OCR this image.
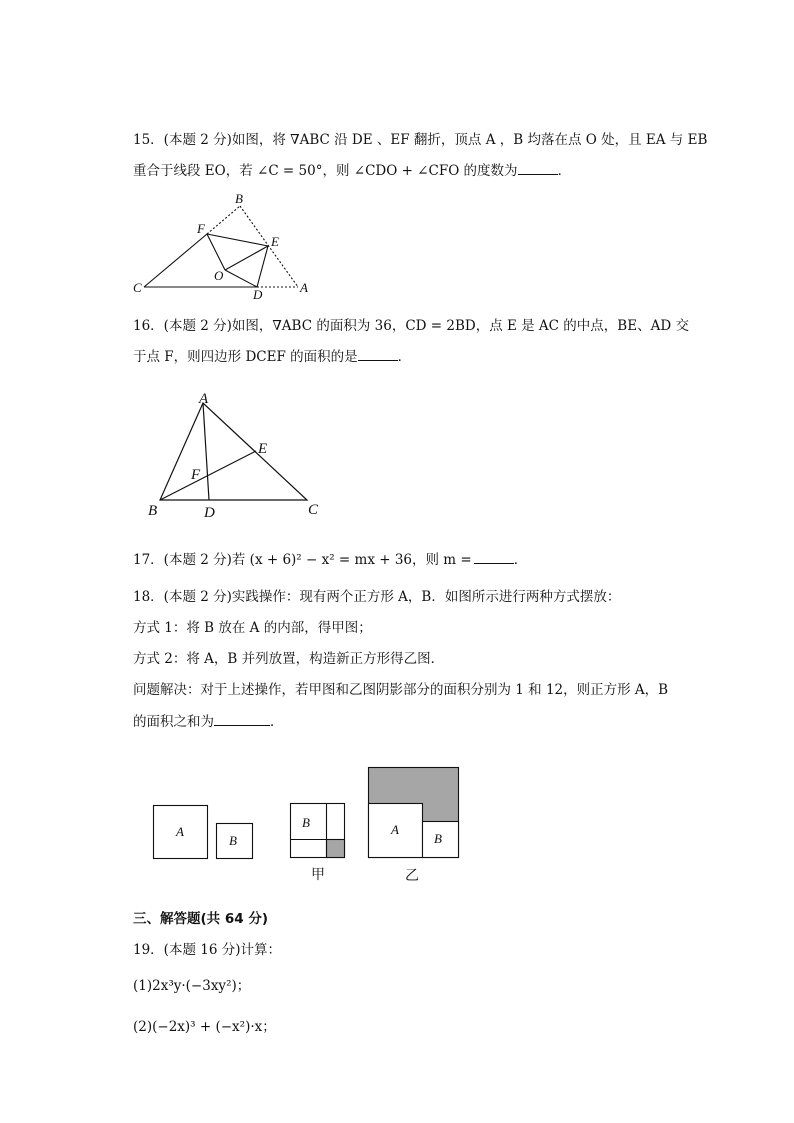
15．(本题 2 分)如图，将 ∇ABC 沿 DE 、EF 翻折，顶点 A ，B 均落在点 O 处，且 EA 与 EB
重合于线段 EO，若 ∠C = 50°，则 ∠CDO + ∠CFO 的度数为	．
B
F
E
O
C	D	A
16．(本题 2 分)如图，∇ABC 的面积为 36，CD = 2BD，点 E 是 AC 的中点，BE、AD 交
于点 F，则四边形 DCEF 的面积的是	．
A
E
F
B	D	C
17．(本题 2 分)若 (x + 6)² − x² = mx + 36，则 m =	．
18．(本题 2 分)实践操作：现有两个正方形 A，B．如图所示进行两种方式摆放：
方式 1：将 B 放在 A 的内部，得甲图；
方式 2：将 A，B 并列放置，构造新正方形得乙图．
问题解决：对于上述操作，若甲图和乙图阴影部分的面积分别为 1 和 12，则正方形 A，B
的面积之和为	．
A
B
B	A
B
甲	乙
三、解答题(共 64 分)
19．(本题 16 分)计算：
(1)2x³y·(−3xy²)；
(2)(−2x)³ + (−x²)·x；
